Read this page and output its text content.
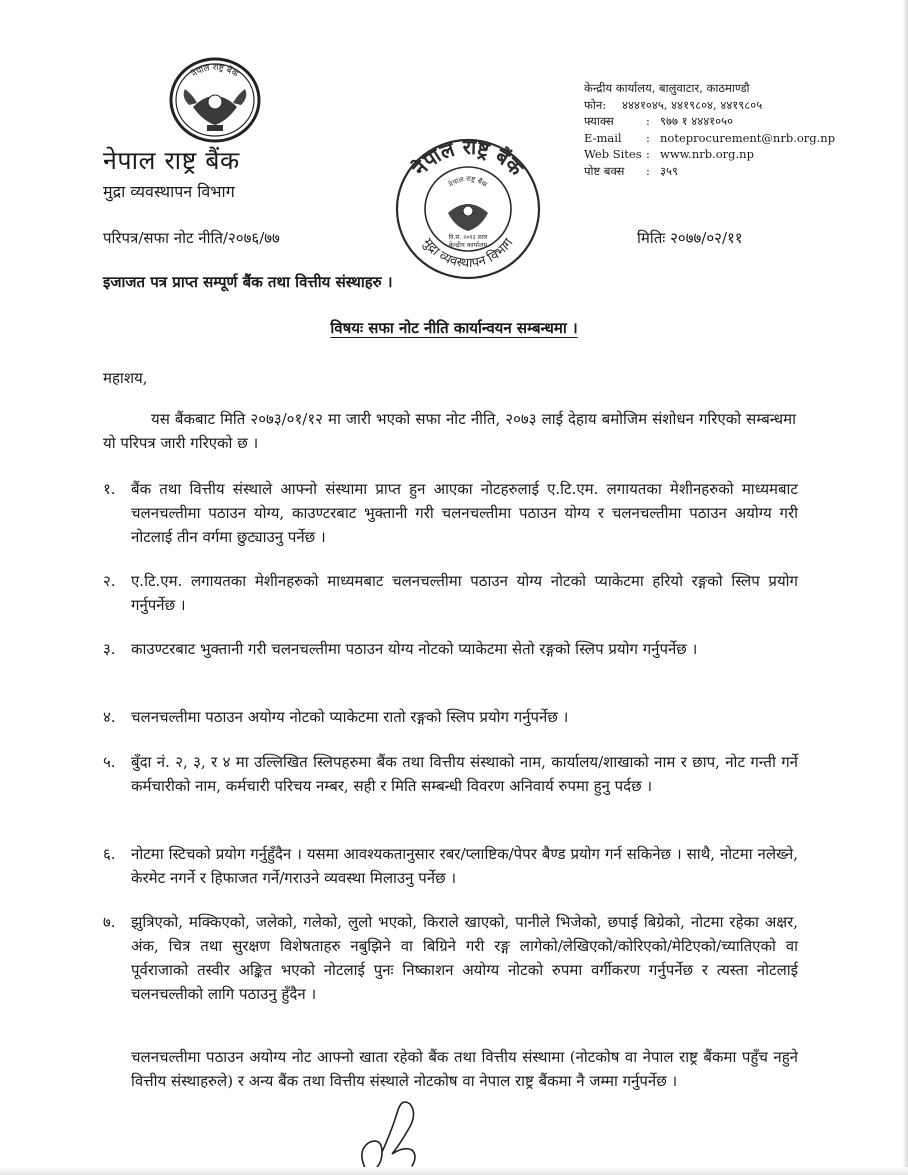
नेपाल राष्ट्र बैंक
नेपाल राष्ट्र बैंक
मुद्रा व्यवस्थापन विभाग
केन्द्रीय कार्यालय, बालुवाटार, काठमाण्डौ
फोन:	४४४१०४५, ४४१९८०४, ४४१९८०५
फ्याक्स	: ९७७ १ ४४४१०५०
E-mail	: noteprocurement@nrb.org.np
Web Sites : www.nrb.org.np
पोष्ट बक्स	: ३५९
नेपाल राष्ट्र बैंक
मुद्रा व्यवस्थापन विभाग
नेपाल राष्ट्र बैंक
वि.सं. २०१३ साल
केन्द्रीय कार्यालय
परिपत्र/सफा नोट नीति/२०७६/७७	मितिः २०७७/०२/११
इजाजत पत्र प्राप्त सम्पूर्ण बैंक तथा वित्तीय संस्थाहरु ।
विषयः सफा नोट नीति कार्यान्वयन सम्बन्धमा ।
महाशय,

यस बैंकबाट मिति २०७३/०१/१२ मा जारी भएको सफा नोट नीति, २०७३ लाई देहाय बमोजिम संशोधन गरिएको सम्बन्धमा यो परिपत्र जारी गरिएको छ ।

१.	बैंक तथा वित्तीय संस्थाले आफ्नो संस्थामा प्राप्त हुन आएका नोटहरुलाई ए.टि.एम. लगायतका मेशीनहरुको माध्यमबाट चलनचल्तीमा पठाउन योग्य, काउण्टरबाट भुक्तानी गरी चलनचल्तीमा पठाउन योग्य र चलनचल्तीमा पठाउन अयोग्य गरी नोटलाई तीन वर्गमा छुट्याउनु पर्नेछ ।
२.	ए.टि.एम. लगायतका मेशीनहरुको माध्यमबाट चलनचल्तीमा पठाउन योग्य नोटको प्याकेटमा हरियो रङ्गको स्लिप प्रयोग गर्नुपर्नेछ ।
३.	काउण्टरबाट भुक्तानी गरी चलनचल्तीमा पठाउन योग्य नोटको प्याकेटमा सेतो रङ्गको स्लिप प्रयोग गर्नुपर्नेछ ।
४.	चलनचल्तीमा पठाउन अयोग्य नोटको प्याकेटमा रातो रङ्गको स्लिप प्रयोग गर्नुपर्नेछ ।
५.	बुँदा नं. २, ३, र ४ मा उल्लिखित स्लिपहरुमा बैंक तथा वित्तीय संस्थाको नाम, कार्यालय/शाखाको नाम र छाप, नोट गन्ती गर्ने कर्मचारीको नाम, कर्मचारी परिचय नम्बर, सही र मिति सम्बन्धी विवरण अनिवार्य रुपमा हुनु पर्दछ ।
६.	नोटमा स्टिचको प्रयोग गर्नुहुँदैन । यसमा आवश्यकतानुसार रबर/प्लाष्टिक/पेपर बैण्ड प्रयोग गर्न सकिनेछ । साथै, नोटमा नलेख्ने, केरमेट नगर्ने र हिफाजत गर्ने/गराउने व्यवस्था मिलाउनु पर्नेछ ।
७.	झुत्रिएको, मक्किएको, जलेको, गलेको, लुलो भएको, किराले खाएको, पानीले भिजेको, छपाई बिग्रेको, नोटमा रहेका अक्षर, अंक, चित्र तथा सुरक्षण विशेषताहरु नबुझिने वा बिग्रिने गरी रङ्ग लागेको/लेखिएको/कोरिएको/मेटिएको/च्यातिएको वा पूर्वराजाको तस्वीर अङ्कित भएको नोटलाई पुनः निष्काशन अयोग्य नोटको रुपमा वर्गीकरण गर्नुपर्नेछ र त्यस्ता नोटलाई चलनचल्तीको लागि पठाउनु हुँदैन ।

चलनचल्तीमा पठाउन अयोग्य नोट आफ्नो खाता रहेको बैंक तथा वित्तीय संस्थामा (नोटकोष वा नेपाल राष्ट्र बैंकमा पहुँच नहुने वित्तीय संस्थाहरुले) र अन्य बैंक तथा वित्तीय संस्थाले नोटकोष वा नेपाल राष्ट्र बैंकमा नै जम्मा गर्नुपर्नेछ ।
